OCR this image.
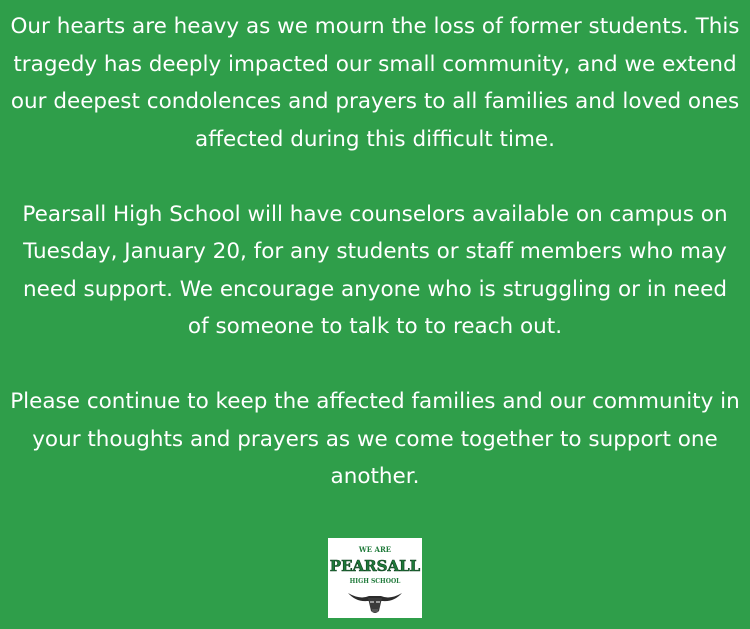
Our hearts are heavy as we mourn the loss of former students. This tragedy has deeply impacted our small community, and we extend our deepest condolences and prayers to all families and loved ones affected during this difficult time.

Pearsall High School will have counselors available on campus on Tuesday, January 20, for any students or staff members who may need support. We encourage anyone who is struggling or in need of someone to talk to to reach out.

Please continue to keep the affected families and our community in your thoughts and prayers as we come together to support one another.

WE ARE
PEARSALL
HIGH SCHOOL
